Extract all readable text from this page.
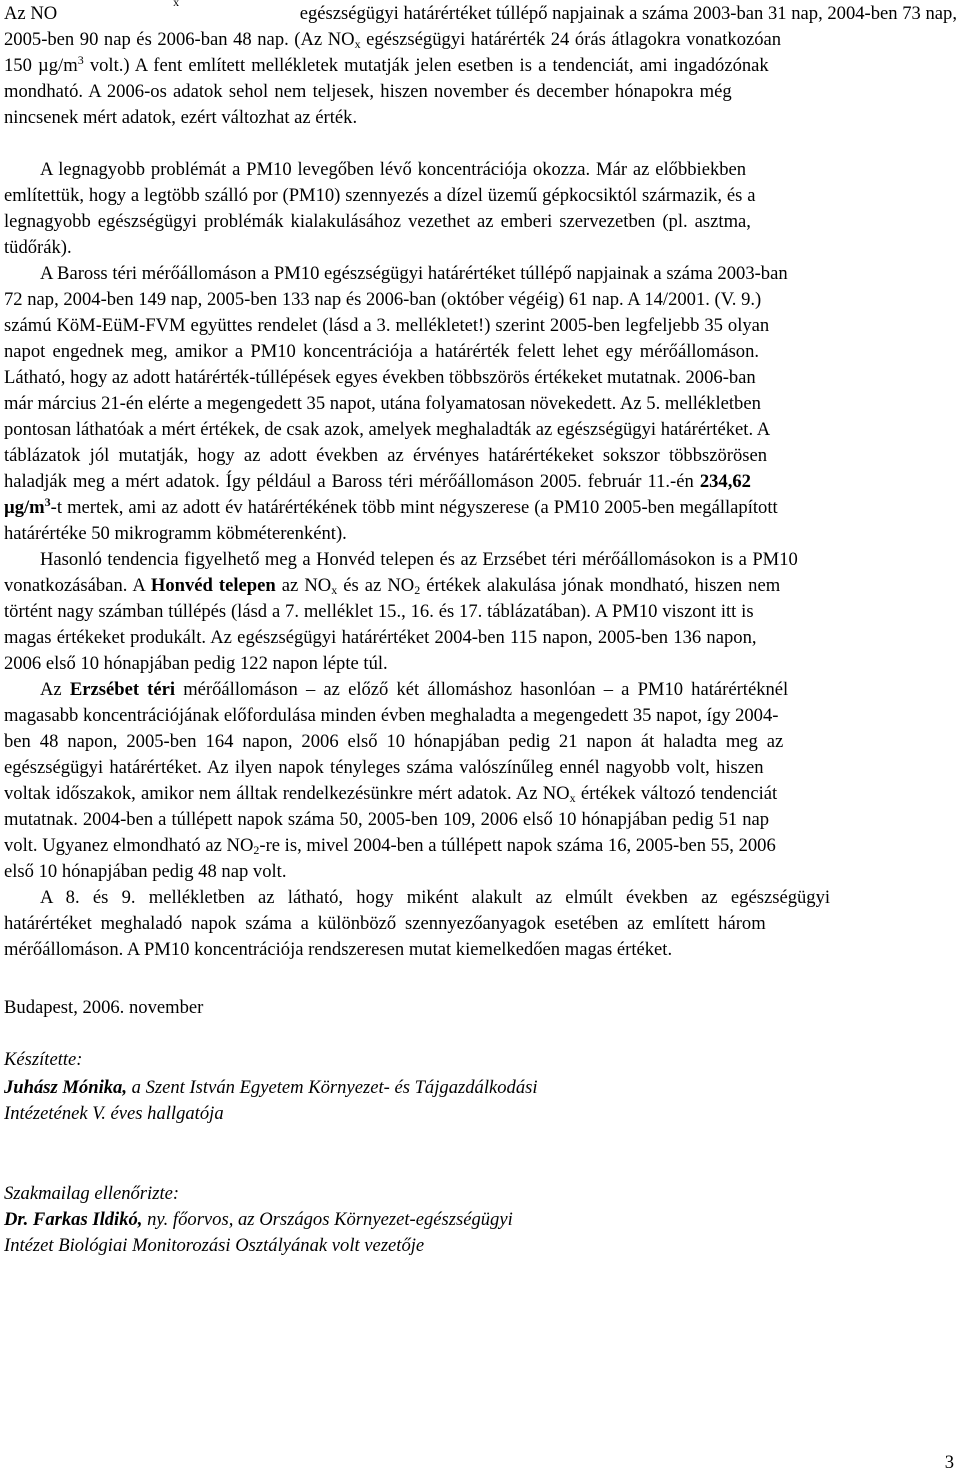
Az NO
x
egészségügyi határértéket túllépő napjainak a száma 2003-ban 31 nap, 2004-ben 73 nap,
2005-ben 90 nap és 2006-ban 48 nap. (Az $NO_x$ egészségügyi határérték 24 órás átlagokra vonatkozóan
150 $\mu g/m^3$ volt.) A fent említett mellékletek mutatják jelen esetben is a tendenciát, ami ingadózónak
mondható. A 2006-os adatok sehol nem teljesek, hiszen november és december hónapokra még
nincsenek mért adatok, ezért változhat az érték.
A legnagyobb problémát a PM10 levegőben lévő koncentrációja okozza. Már az előbbiekben
említettük, hogy a legtöbb szálló por (PM10) szennyezés a dízel üzemű gépkocsiktól származik, és a
legnagyobb egészségügyi problémák kialakulásához vezethet az emberi szervezetben (pl. asztma,
tüdőrák).
A Baross téri mérőállomáson a PM10 egészségügyi határértéket túllépő napjainak a száma 2003-ban
72 nap, 2004-ben 149 nap, 2005-ben 133 nap és 2006-ban (október végéig) 61 nap. A 14/2001. (V. 9.)
számú KöM-EüM-FVM együttes rendelet (lásd a 3. mellékletet!) szerint 2005-ben legfeljebb 35 olyan
napot engednek meg, amikor a PM10 koncentrációja a határérték felett lehet egy mérőállomáson.
Látható, hogy az adott határérték-túllépések egyes években többszörös értékeket mutatnak. 2006-ban
már március 21-én elérte a megengedett 35 napot, utána folyamatosan növekedett. Az 5. mellékletben
pontosan láthatóak a mért értékek, de csak azok, amelyek meghaladták az egészségügyi határértéket. A
táblázatok jól mutatják, hogy az adott években az érvényes határértékeket sokszor többszörösen
haladják meg a mért adatok. Így például a Baross téri mérőállomáson 2005. február 11.-én 234,62
$\mu g/m^3-t$ mertek, ami az adott év határértékének több mint négyszerese (a PM10 2005-ben megállapított
határértéke 50 mikrogramm köbméterenként).
Hasonló tendencia figyelhető meg a Honvéd telepen és az Erzsébet téri mérőállomásokon is a PM10
vonatkozásában. A Honvéd telepen az $NO_x$ és az $NO_2$ értékek alakulása jónak mondható, hiszen nem
történt nagy számban túllépés (lásd a 7. melléklet 15., 16. és 17. táblázatában). A PM10 viszont itt is
magas értékeket produkált. Az egészségügyi határértéket 2004-ben 115 napon, 2005-ben 136 napon,
2006 első 10 hónapjában pedig 122 napon lépte túl.
Az Erzsébet téri mérőállomáson – az előző két állomáshoz hasonlóan – a PM10 határértéknél
magasabb koncentrációjának előfordulása minden évben meghaladta a megengedett 35 napot, így 2004-
ben 48 napon, 2005-ben 164 napon, 2006 első 10 hónapjában pedig 21 napon át haladta meg az
egészségügyi határértéket. Az ilyen napok tényleges száma valószínűleg ennél nagyobb volt, hiszen
voltak időszakok, amikor nem álltak rendelkezésünkre mért adatok. Az $NO_x$ értékek változó tendenciát
mutatnak. 2004-ben a túllépett napok száma 50, 2005-ben 109, 2006 első 10 hónapjában pedig 51 nap
volt. Ugyanez elmondható az $NO_2-re$ is, mivel 2004-ben a túllépett napok száma 16, 2005-ben 55, 2006
első 10 hónapjában pedig 48 nap volt.
A 8. és 9. mellékletben az látható, hogy miként alakult az elmúlt években az egészségügyi
határértéket meghaladó napok száma a különböző szennyezőanyagok esetében az említett három
mérőállomáson. A PM10 koncentrációja rendszeresen mutat kiemelkedően magas értéket.
Budapest, 2006. november
Készítette:
Juhász Mónika, a Szent István Egyetem Környezet- és Tájgazdálkodási
Intézetének V. éves hallgatója
Szakmailag ellenőrizte:
Dr. Farkas Ildikó, ny. főorvos, az Országos Környezet-egészségügyi
Intézet Biológiai Monitorozási Osztályának volt vezetője
3
